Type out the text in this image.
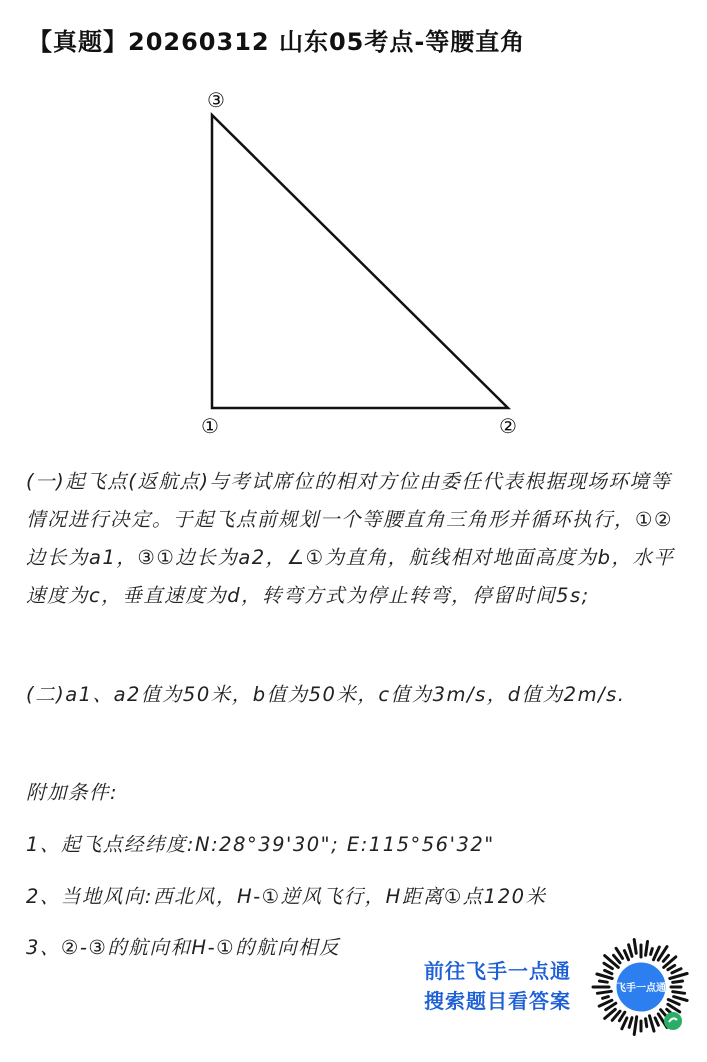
【真题】20260312 山东05考点-等腰直角
③
①	②

(一)起飞点(返航点)与考试席位的相对方位由委任代表根据现场环境等情况进行决定。于起飞点前规划一个等腰直角三角形并循环执行，①②边长为a1，③①边长为a2，∠①为直角，航线相对地面高度为b，水平速度为c，垂直速度为d，转弯方式为停止转弯，停留时间5s;

(二)a1、a2值为50米，b值为50米，c值为3m/s，d值为2m/s.

附加条件:

1、起飞点经纬度:N:28°39'30"; E:115°56'32"

2、当地风向:西北风，H-①逆风飞行，H距离①点120米

3、②-③的航向和H-①的航向相反

前往飞手一点通
搜索题目看答案
飞手一点通
